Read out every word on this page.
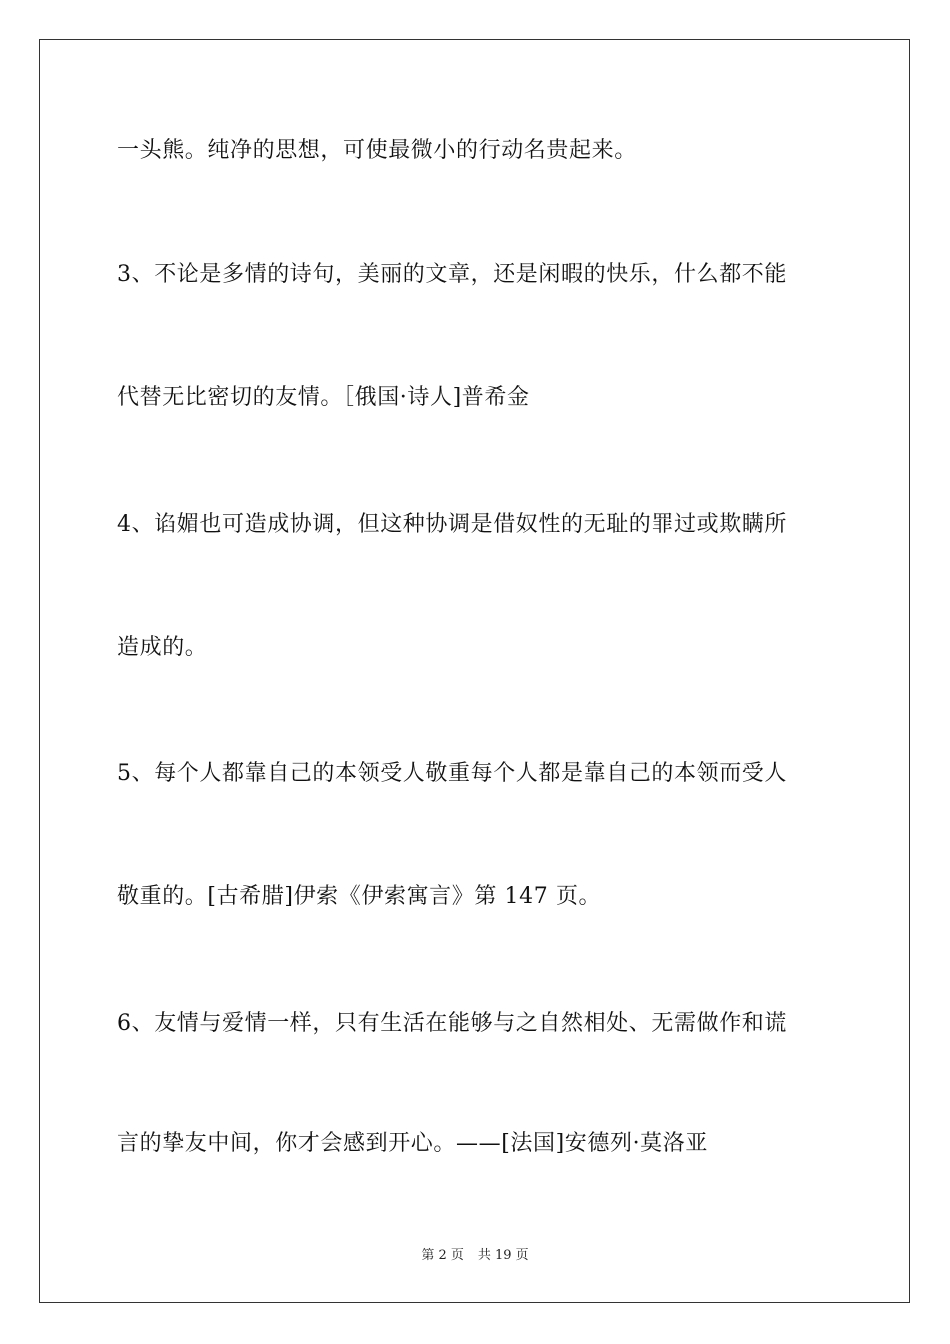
一头熊。纯净的思想，可使最微小的行动名贵起来。
3、不论是多情的诗句，美丽的文章，还是闲暇的快乐，什么都不能
代替无比密切的友情。［俄国·诗人]普希金
4、谄媚也可造成协调，但这种协调是借奴性的无耻的罪过或欺瞒所
造成的。
5、每个人都靠自己的本领受人敬重每个人都是靠自己的本领而受人
敬重的。[古希腊]伊索《伊索寓言》第 147 页。
6、友情与爱情一样，只有生活在能够与之自然相处、无需做作和谎
言的挚友中间，你才会感到开心。——[法国]安德列·莫洛亚
第 2 页 共 19 页
